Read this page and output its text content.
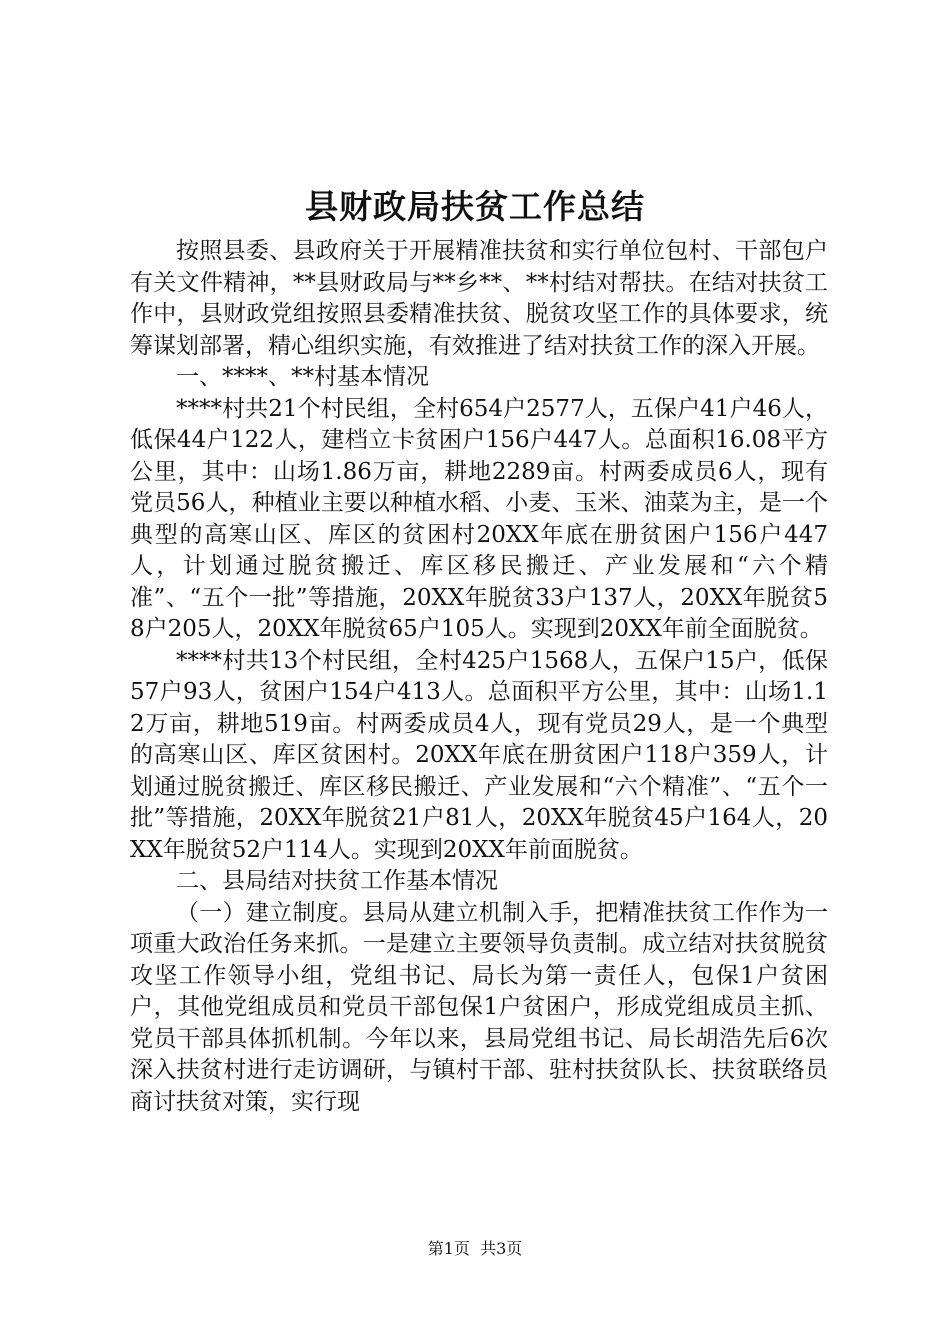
县财政局扶贫工作总结

按照县委、县政府关于开展精准扶贫和实行单位包村、干部包户有关文件精神，**县财政局与**乡**、**村结对帮扶。在结对扶贫工作中，县财政党组按照县委精准扶贫、脱贫攻坚工作的具体要求，统筹谋划部署，精心组织实施，有效推进了结对扶贫工作的深入开展。

一、****、**村基本情况

****村共21个村民组，全村654户2577人，五保户41户46人，低保44户122人，建档立卡贫困户156户447人。总面积16.08平方公里，其中：山场1.86万亩，耕地2289亩。村两委成员6人，现有党员56人，种植业主要以种植水稻、小麦、玉米、油菜为主，是一个典型的高寒山区、库区的贫困村20XX年底在册贫困户156户447人，计划通过脱贫搬迁、库区移民搬迁、产业发展和“六个精准”、“五个一批”等措施，20XX年脱贫33户137人，20XX年脱贫58户205人，20XX年脱贫65户105人。实现到20XX年前全面脱贫。

****村共13个村民组，全村425户1568人，五保户15户，低保57户93人，贫困户154户413人。总面积平方公里，其中：山场1.12万亩，耕地519亩。村两委成员4人，现有党员29人，是一个典型的高寒山区、库区贫困村。20XX年底在册贫困户118户359人，计划通过脱贫搬迁、库区移民搬迁、产业发展和“六个精准”、“五个一批”等措施，20XX年脱贫21户81人，20XX年脱贫45户164人，20XX年脱贫52户114人。实现到20XX年前面脱贫。

二、县局结对扶贫工作基本情况

（一）建立制度。县局从建立机制入手，把精准扶贫工作作为一项重大政治任务来抓。一是建立主要领导负责制。成立结对扶贫脱贫攻坚工作领导小组，党组书记、局长为第一责任人，包保1户贫困户，其他党组成员和党员干部包保1户贫困户，形成党组成员主抓、党员干部具体抓机制。今年以来，县局党组书记、局长胡浩先后6次深入扶贫村进行走访调研，与镇村干部、驻村扶贫队长、扶贫联络员商讨扶贫对策，实行现

第1页 共3页
